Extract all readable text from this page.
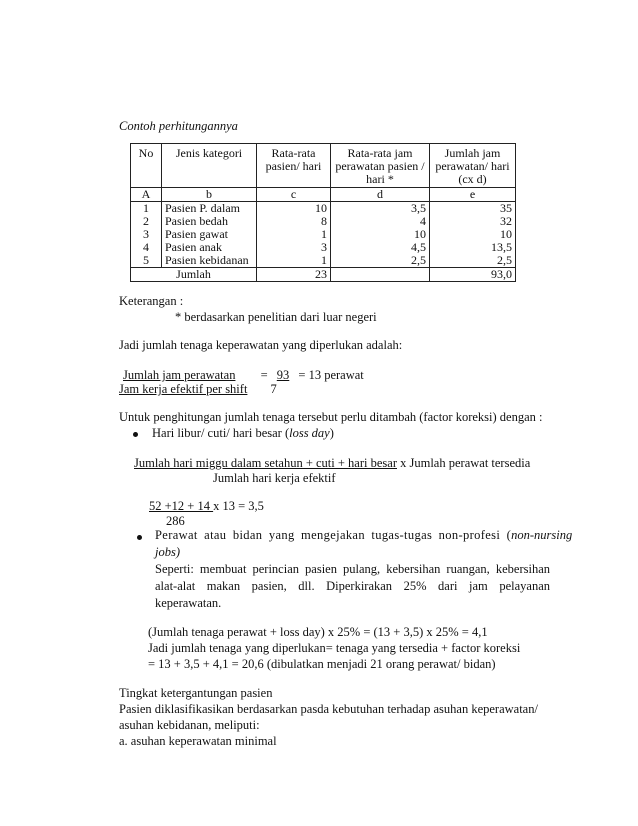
Contoh perhitungannya
No	Jenis kategori	Rata-rata pasien/ hari	Rata-rata jam perawatan pasien / hari *	Jumlah jam perawatan/ hari (cx d)
A	b	c	d	e
1	Pasien P. dalam	10	3,5	35
2	Pasien bedah	8	4	32
3	Pasien gawat	1	10	10
4	Pasien anak	3	4,5	13,5
5	Pasien kebidanan	1	2,5	2,5
Jumlah		23		93,0
Keterangan :
* berdasarkan penelitian dari luar negeri
Jadi jumlah tenaga keperawatan yang diperlukan adalah:
Jumlah jam perawatan = 93 = 13 perawat
Jam kerja efektif per shift 7
Untuk penghitungan jumlah tenaga tersebut perlu ditambah (factor koreksi) dengan :
Hari libur/ cuti/ hari besar (loss day)
Jumlah hari miggu dalam setahun + cuti + hari besar x Jumlah perawat tersedia
Jumlah hari kerja efektif
52 +12 + 14 x 13 = 3,5
286
Perawat atau bidan yang mengejakan tugas-tugas non-profesi ( non-nursing
jobs)
Seperti: membuat perincian pasien pulang, kebersihan ruangan, kebersihan
alat-alat makan pasien, dll. Diperkirakan 25% dari jam pelayanan
keperawatan.
(Jumlah tenaga perawat + loss day) x 25% = (13 + 3,5) x 25% = 4,1
Jadi jumlah tenaga yang diperlukan= tenaga yang tersedia + factor koreksi
= 13 + 3,5 + 4,1 = 20,6 (dibulatkan menjadi 21 orang perawat/ bidan)
Tingkat ketergantungan pasien
Pasien diklasifikasikan berdasarkan pasda kebutuhan terhadap asuhan keperawatan/
asuhan kebidanan, meliputi:
a. asuhan keperawatan minimal
